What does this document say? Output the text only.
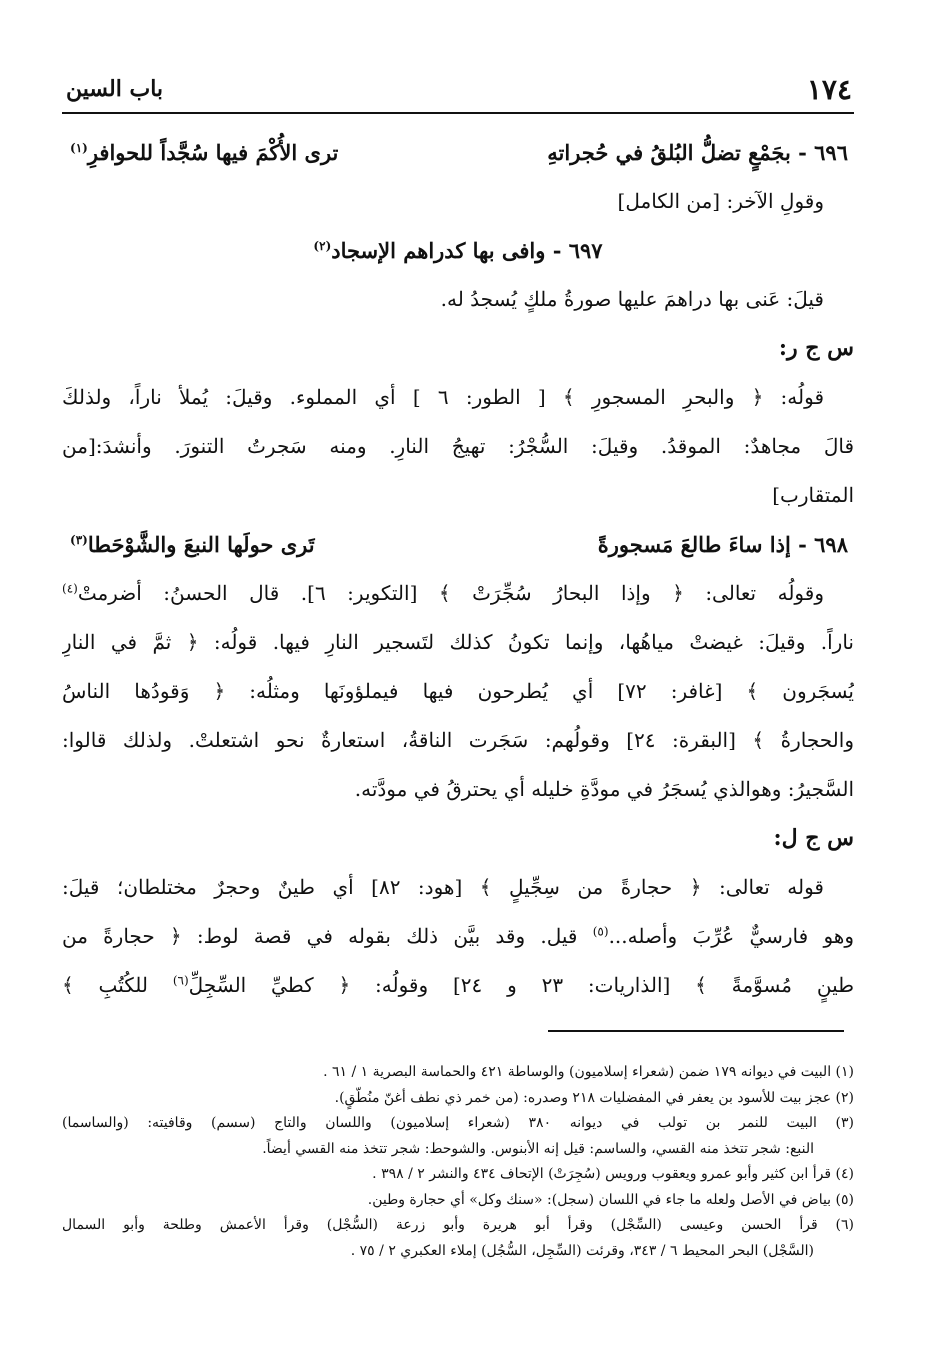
١٧٤
باب السين
٦٩٦ - بجَمْعٍ تضلُّ البُلقُ في حُجراتهِ
ترى الأُكْمَ فيها سُجَّداً للحوافرِ$^{(١)}$
وقولِ الآخر: [من الكامل]
٦٩٧ - وافى بها كدراهم الإسجاد$^{(٢)}$
قيلَ: عَنى بها دراهمَ عليها صورةُ ملكٍ يُسجدُ له.
س ج ر:
قولُه: ﴿ والبحرِ المسجورِ ﴾ [ الطور: ٦ ] أي المملوء. وقيلَ: يُملأ ناراً، ولذلكَ
قالَ مجاهدٌ: الموقدُ. وقيلَ: السُّجْرُ: تهيجُ النارِ. ومنه سَجرتُ التنورَ. وأنشدَ:[من
المتقارب]
٦٩٨ - إذا ساءَ طالعَ مَسجورةً
تَرى حولَها النبعَ والشَّوْحَطا$^{(٣)}$
وقولُه تعالى: ﴿ وإذا البحارُ سُجِّرَتْ ﴾ [التكوير: ٦]. قال الحسنُ: أضرمتْ$^{(٤)}$
ناراً. وقيلَ: غيضتْ مياهُها، وإنما تكونُ كذلك لتَسجير النارِ فيها. قولُه: ﴿ ثمَّ في النارِ
يُسجَرون ﴾ [غافر: ٧٢] أي يُطرحون فيها فيملؤونَها ومثلُه: ﴿ وَقودُها الناسُ
والحجارةُ ﴾ [البقرة: ٢٤] وقولُهم: سَجَرت الناقةُ، استعارةٌ نحو اشتعلتْ. ولذلك قالوا:
السَّجيرُ: وهوالذي يُسجَرُ في مودَّةِ خليله أي يحترقُ في مودَّته.
س ج ل:
قوله تعالى: ﴿ حجارةً من سِجِّيلٍ ﴾ [هود: ٨٢] أي طينٌ وحجرٌ مختلطان؛ قيلَ:
وهو فارسيٌّ عُرِّبَ وأصله...$^{(٥)}$ قيل. وقد بيَّن ذلك بقوله في قصة لوط: ﴿ حجارةً من
طينٍ مُسوَّمةً ﴾ [الذاريات: ٢٣ و ٢٤] وقولُه: ﴿ كطيِّ السِّجِلِّ$^{(٦)}$ للكُتُبِ ﴾
(١) البيت في ديوانه ١٧٩ ضمن (شعراء إسلاميون) والوساطة ٤٢١ والحماسة البصرية ١ / ٦١ .
(٢) عجز بيت للأسود بن يعفر في المفضليات ٢١٨ وصدره: (من خمر ذي نطف أغنّ منُطّقٍ).
(٣) البيت للنمر بن تولب في ديوانه ٣٨٠ (شعراء إسلاميون) واللسان والتاج (سسم) وقافيته: (والساسما)
النبع: شجر تتخذ منه القسي، والساسم: قيل إنه الأبنوس. والشوحط: شجر تتخذ منه القسي أيضاً.
(٤) قرأ ابن كثير وأبو عمرو ويعقوب ورويس (سُجِرَتْ) الإتحاف ٤٣٤ والنشر ٢ / ٣٩٨ .
(٥) بياض في الأصل ولعله ما جاء في اللسان (سجل): «سنك وكل» أي حجارة وطين.
(٦) قرأ الحسن وعيسى (السِّجْل) وقرأ أبو هريرة وأبو زرعة (السُّجْل) وقرأ الأعمش وطلحة وأبو السمال
(السَّجْل) البحر المحيط ٦ / ٣٤٣، وقرئت (السِّجِل، السُّجُل) إملاء العكبري ٢ / ٧٥ .
